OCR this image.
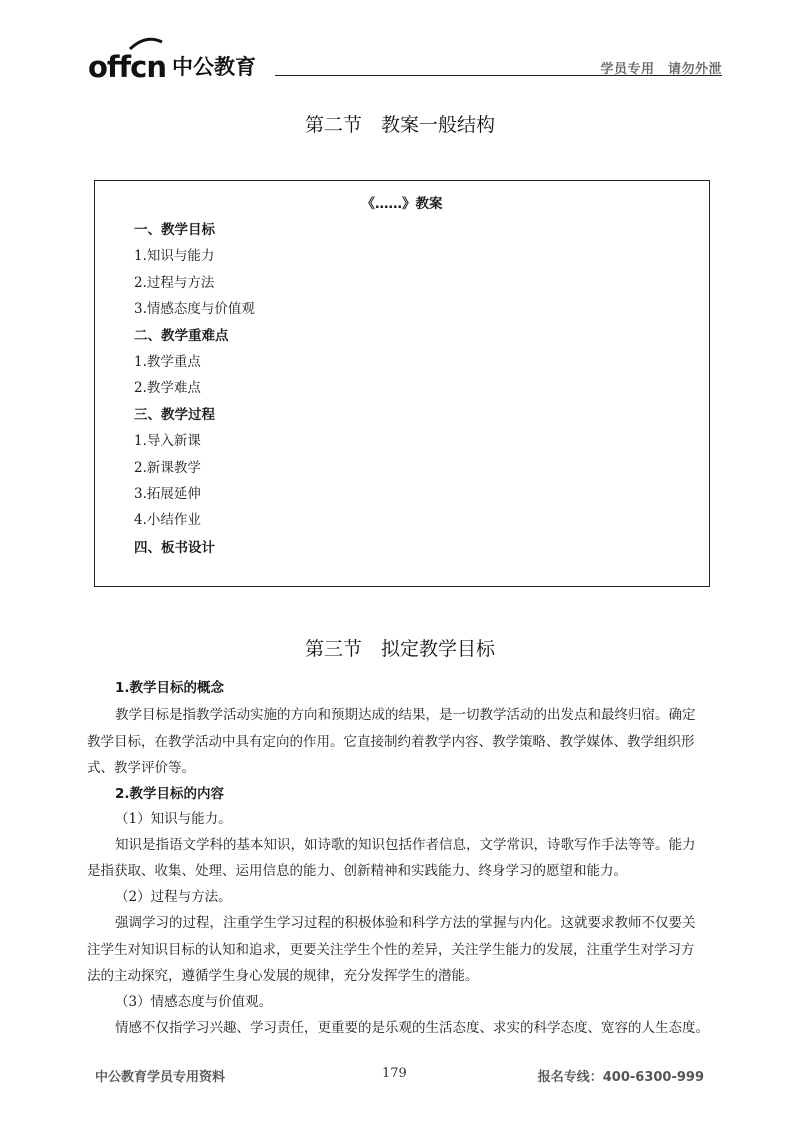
offcn 中公教育	学员专用　请勿外泄
第二节　教案一般结构
《……》教案
一、教学目标
1.知识与能力
2.过程与方法
3.情感态度与价值观
二、教学重难点
1.教学重点
2.教学难点
三、教学过程
1.导入新课
2.新课教学
3.拓展延伸
4.小结作业
四、板书设计
第三节　拟定教学目标
1.教学目标的概念
教学目标是指教学活动实施的方向和预期达成的结果，是一切教学活动的出发点和最终归宿。确定
教学目标，在教学活动中具有定向的作用。它直接制约着教学内容、教学策略、教学媒体、教学组织形
式、教学评价等。
2.教学目标的内容
（1）知识与能力。
知识是指语文学科的基本知识，如诗歌的知识包括作者信息，文学常识，诗歌写作手法等等。能力
是指获取、收集、处理、运用信息的能力、创新精神和实践能力、终身学习的愿望和能力。
（2）过程与方法。
强调学习的过程，注重学生学习过程的积极体验和科学方法的掌握与内化。这就要求教师不仅要关
注学生对知识目标的认知和追求，更要关注学生个性的差异，关注学生能力的发展，注重学生对学习方
法的主动探究，遵循学生身心发展的规律，充分发挥学生的潜能。
（3）情感态度与价值观。
情感不仅指学习兴趣、学习责任，更重要的是乐观的生活态度、求实的科学态度、宽容的人生态度。
中公教育学员专用资料	179	报名专线：400-6300-999
